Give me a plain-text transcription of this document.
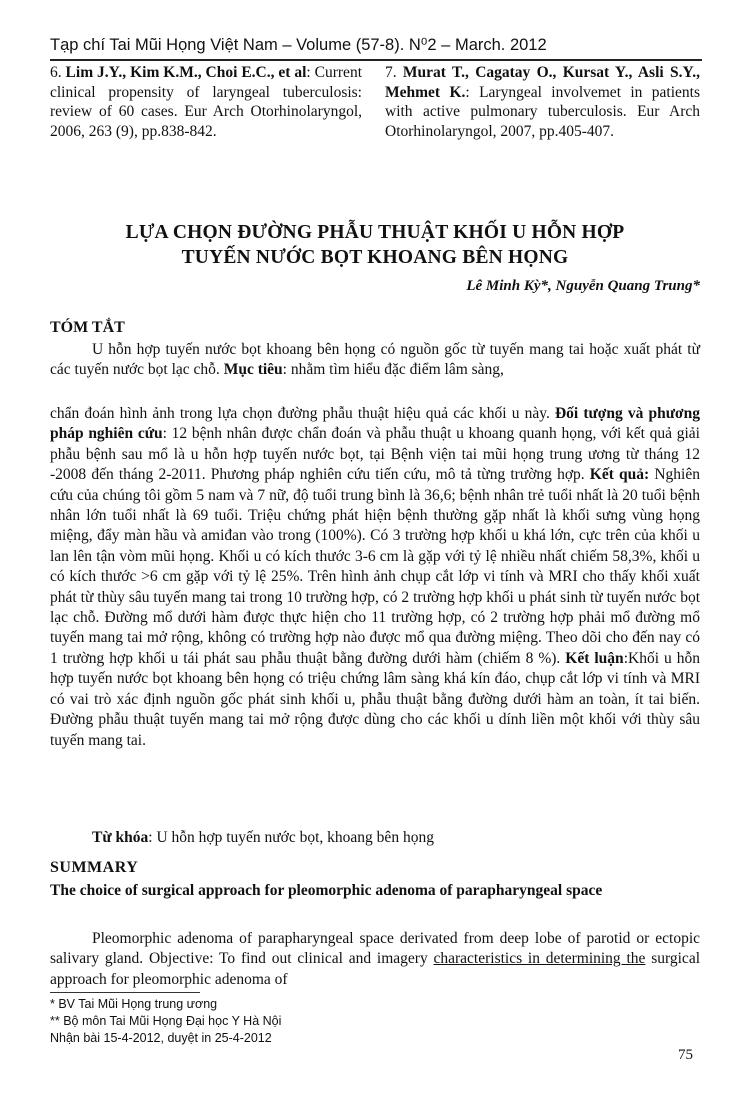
Tạp chí Tai Mũi Họng Việt Nam – Volume (57-8). N⁰2 – March. 2012
6. Lim J.Y., Kim K.M., Choi E.C., et al: Current clinical propensity of laryngeal tuberculosis: review of 60 cases. Eur Arch Otorhinolaryngol, 2006, 263 (9), pp.838-842.
7. Murat T., Cagatay O., Kursat Y., Asli S.Y., Mehmet K.: Laryngeal involvemet in patients with active pulmonary tuberculosis. Eur Arch Otorhinolaryngol, 2007, pp.405-407.
LỰA CHỌN ĐƯỜNG PHẪU THUẬT KHỐI U HỖN HỢP
TUYẾN NƯỚC BỌT KHOANG BÊN HỌNG
Lê Minh Kỳ*, Nguyễn Quang Trung*
TÓM TẮT
U hỗn hợp tuyến nước bọt khoang bên họng có nguồn gốc từ tuyến mang tai hoặc xuất phát từ các tuyến nước bọt lạc chỗ. Mục tiêu: nhằm tìm hiểu đặc điểm lâm sàng,
chẩn đoán hình ảnh trong lựa chọn đường phẫu thuật hiệu quả các khối u này. Đối tượng và phương pháp nghiên cứu: 12 bệnh nhân được chẩn đoán và phẫu thuật u khoang quanh họng, với kết quả giải phẫu bệnh sau mổ là u hỗn hợp tuyến nước bọt, tại Bệnh viện tai mũi họng trung ương từ tháng 12 -2008 đến tháng 2-2011. Phương pháp nghiên cứu tiến cứu, mô tả từng trường hợp. Kết quả: Nghiên cứu của chúng tôi gồm 5 nam và 7 nữ, độ tuổi trung bình là 36,6; bệnh nhân trẻ tuổi nhất là 20 tuổi bệnh nhân lớn tuổi nhất là 69 tuổi. Triệu chứng phát hiện bệnh thường gặp nhất là khối sưng vùng họng miệng, đẩy màn hầu và amiđan vào trong (100%). Có 3 trường hợp khối u khá lớn, cực trên của khối u lan lên tận vòm mũi họng. Khối u có kích thước 3-6 cm là gặp với tỷ lệ nhiều nhất chiếm 58,3%, khối u có kích thước >6 cm gặp với tỷ lệ 25%. Trên hình ảnh chụp cắt lớp vi tính và MRI cho thấy khối xuất phát từ thùy sâu tuyến mang tai trong 10 trường hợp, có 2 trường hợp khối u phát sinh từ tuyến nước bọt lạc chỗ. Đường mổ dưới hàm được thực hiện cho 11 trường hợp, có 2 trường hợp phải mổ đường mổ tuyến mang tai mở rộng, không có trường hợp nào được mổ qua đường miệng. Theo dõi cho đến nay có 1 trường hợp khối u tái phát sau phẫu thuật bằng đường dưới hàm (chiếm 8 %). Kết luận:Khối u hỗn hợp tuyến nước bọt khoang bên họng có triệu chứng lâm sàng khá kín đáo, chụp cắt lớp vi tính và MRI có vai trò xác định nguồn gốc phát sinh khối u, phẫu thuật bằng đường dưới hàm an toàn, ít tai biến. Đường phẫu thuật tuyến mang tai mở rộng được dùng cho các khối u dính liền một khối với thùy sâu tuyến mang tai.
Từ khóa: U hỗn hợp tuyến nước bọt, khoang bên họng
SUMMARY
The choice of surgical approach for pleomorphic adenoma of parapharyngeal space
Pleomorphic adenoma of parapharyngeal space derivated from deep lobe of parotid or ectopic salivary gland. Objective: To find out clinical and imagery characteristics in determining the surgical approach for pleomorphic adenoma of
* BV Tai Mũi Họng trung ương
** Bộ môn Tai Mũi Họng Đại học Y Hà Nội
Nhận bài 15-4-2012, duyệt in 25-4-2012
75
